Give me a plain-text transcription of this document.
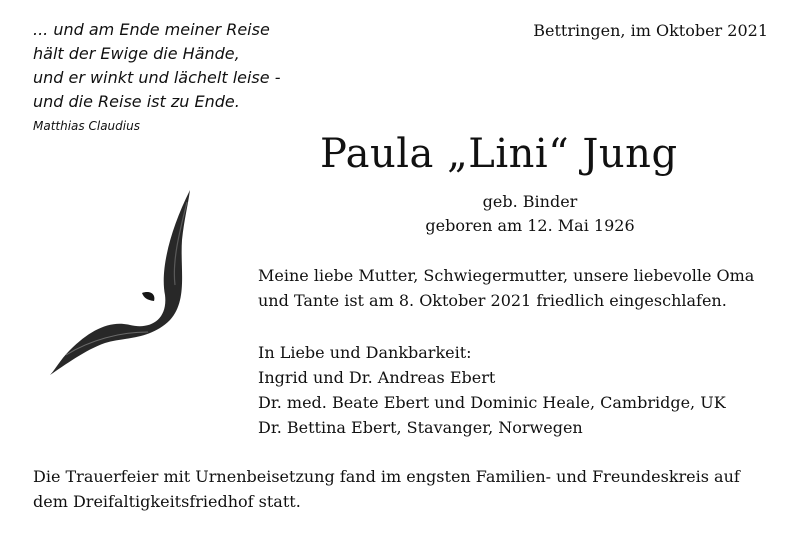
... und am Ende meiner Reise
hält der Ewige die Hände,
und er winkt und lächelt leise -
und die Reise ist zu Ende.
Matthias Claudius
Bettringen, im Oktober 2021
Paula „Lini“ Jung
geb. Binder
geboren am 12. Mai 1926
Meine liebe Mutter, Schwiegermutter, unsere liebevolle Oma
und Tante ist am 8. Oktober 2021 friedlich eingeschlafen.
In Liebe und Dankbarkeit:
Ingrid und Dr. Andreas Ebert
Dr. med. Beate Ebert und Dominic Heale, Cambridge, UK
Dr. Bettina Ebert, Stavanger, Norwegen
Die Trauerfeier mit Urnenbeisetzung fand im engsten Familien- und Freundeskreis auf
dem Dreifaltigkeitsfriedhof statt.
